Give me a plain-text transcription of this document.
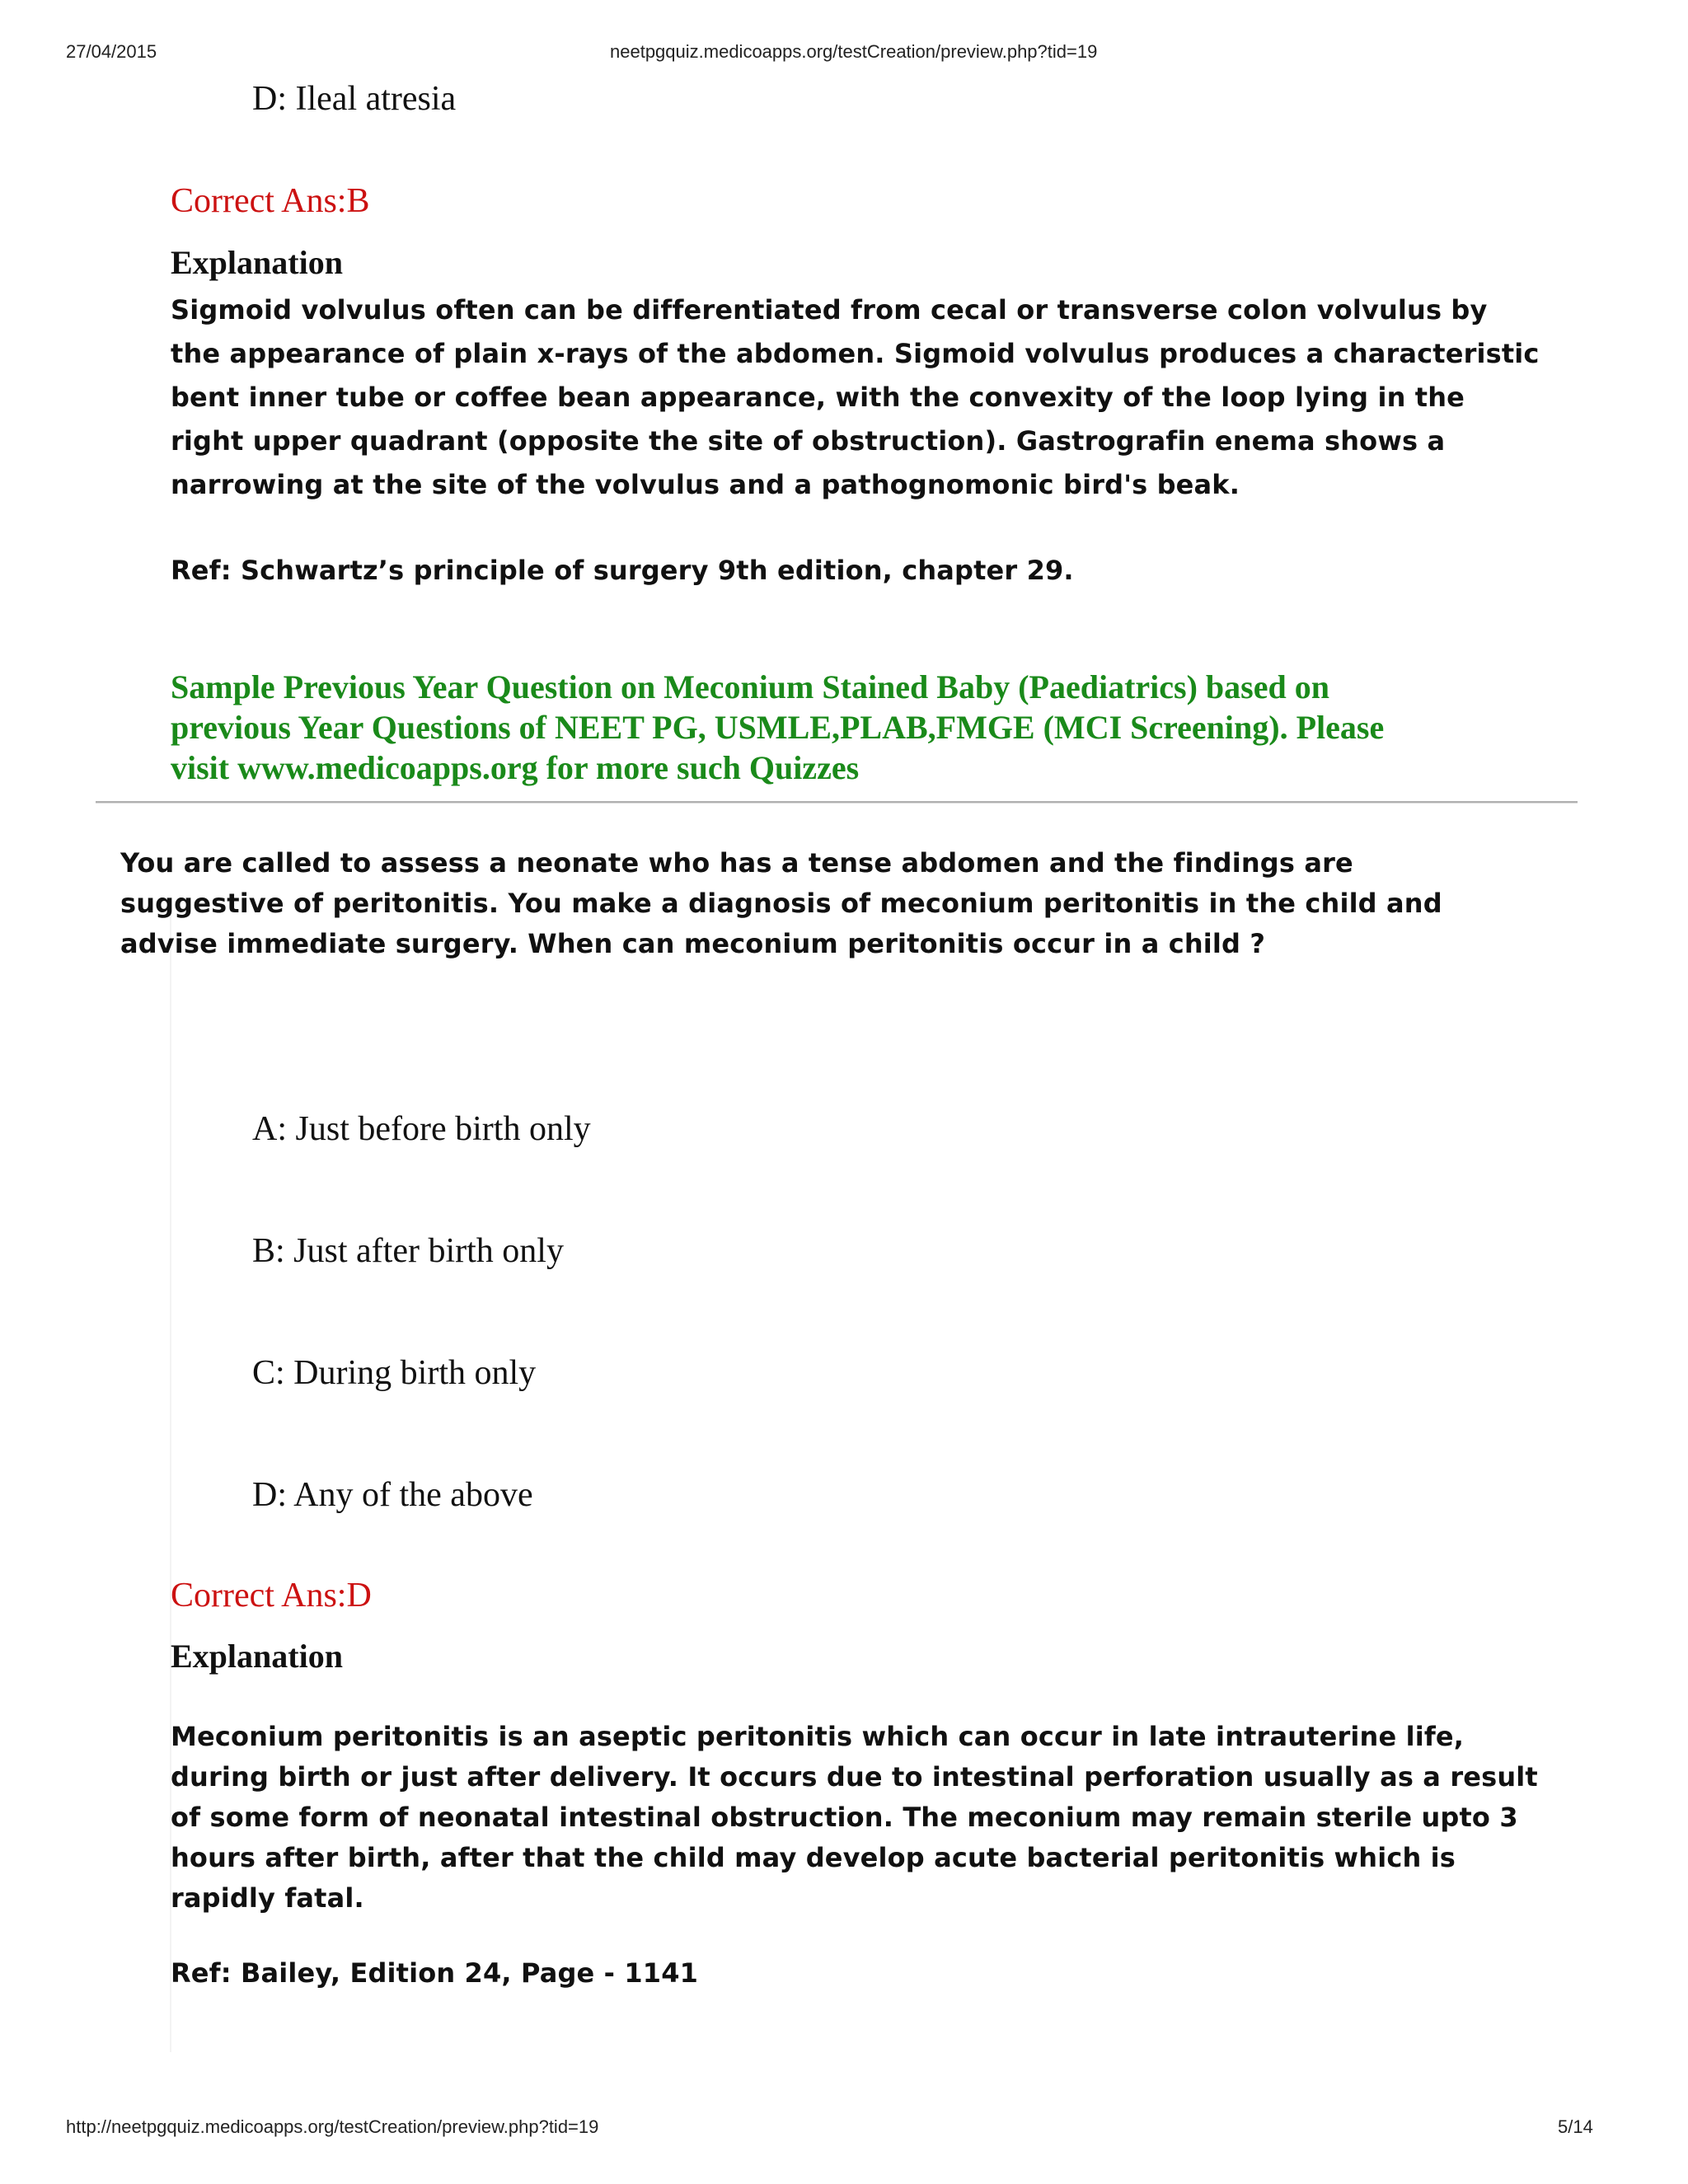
27/04/2015	neetpgquiz.medicoapps.org/testCreation/preview.php?tid=19
D: Ileal atresia
Correct Ans:B
Explanation
Sigmoid volvulus often can be differentiated from cecal or transverse colon volvulus by
the appearance of plain x-rays of the abdomen. Sigmoid volvulus produces a characteristic
bent inner tube or coffee bean appearance, with the convexity of the loop lying in the
right upper quadrant (opposite the site of obstruction). Gastrografin enema shows a
narrowing at the site of the volvulus and a pathognomonic bird's beak.
Ref: Schwartz’s principle of surgery 9th edition, chapter 29.
Sample Previous Year Question on Meconium Stained Baby (Paediatrics) based on
previous Year Questions of NEET PG, USMLE,PLAB,FMGE (MCI Screening). Please
visit www.medicoapps.org for more such Quizzes
You are called to assess a neonate who has a tense abdomen and the findings are
suggestive of peritonitis. You make a diagnosis of meconium peritonitis in the child and
advise immediate surgery. When can meconium peritonitis occur in a child ?
A: Just before birth only
B: Just after birth only
C: During birth only
D: Any of the above
Correct Ans:D
Explanation
Meconium peritonitis is an aseptic peritonitis which can occur in late intrauterine life,
during birth or just after delivery. It occurs due to intestinal perforation usually as a result
of some form of neonatal intestinal obstruction. The meconium may remain sterile upto 3
hours after birth, after that the child may develop acute bacterial peritonitis which is
rapidly fatal.
Ref: Bailey, Edition 24, Page - 1141
http://neetpgquiz.medicoapps.org/testCreation/preview.php?tid=19	5/14
